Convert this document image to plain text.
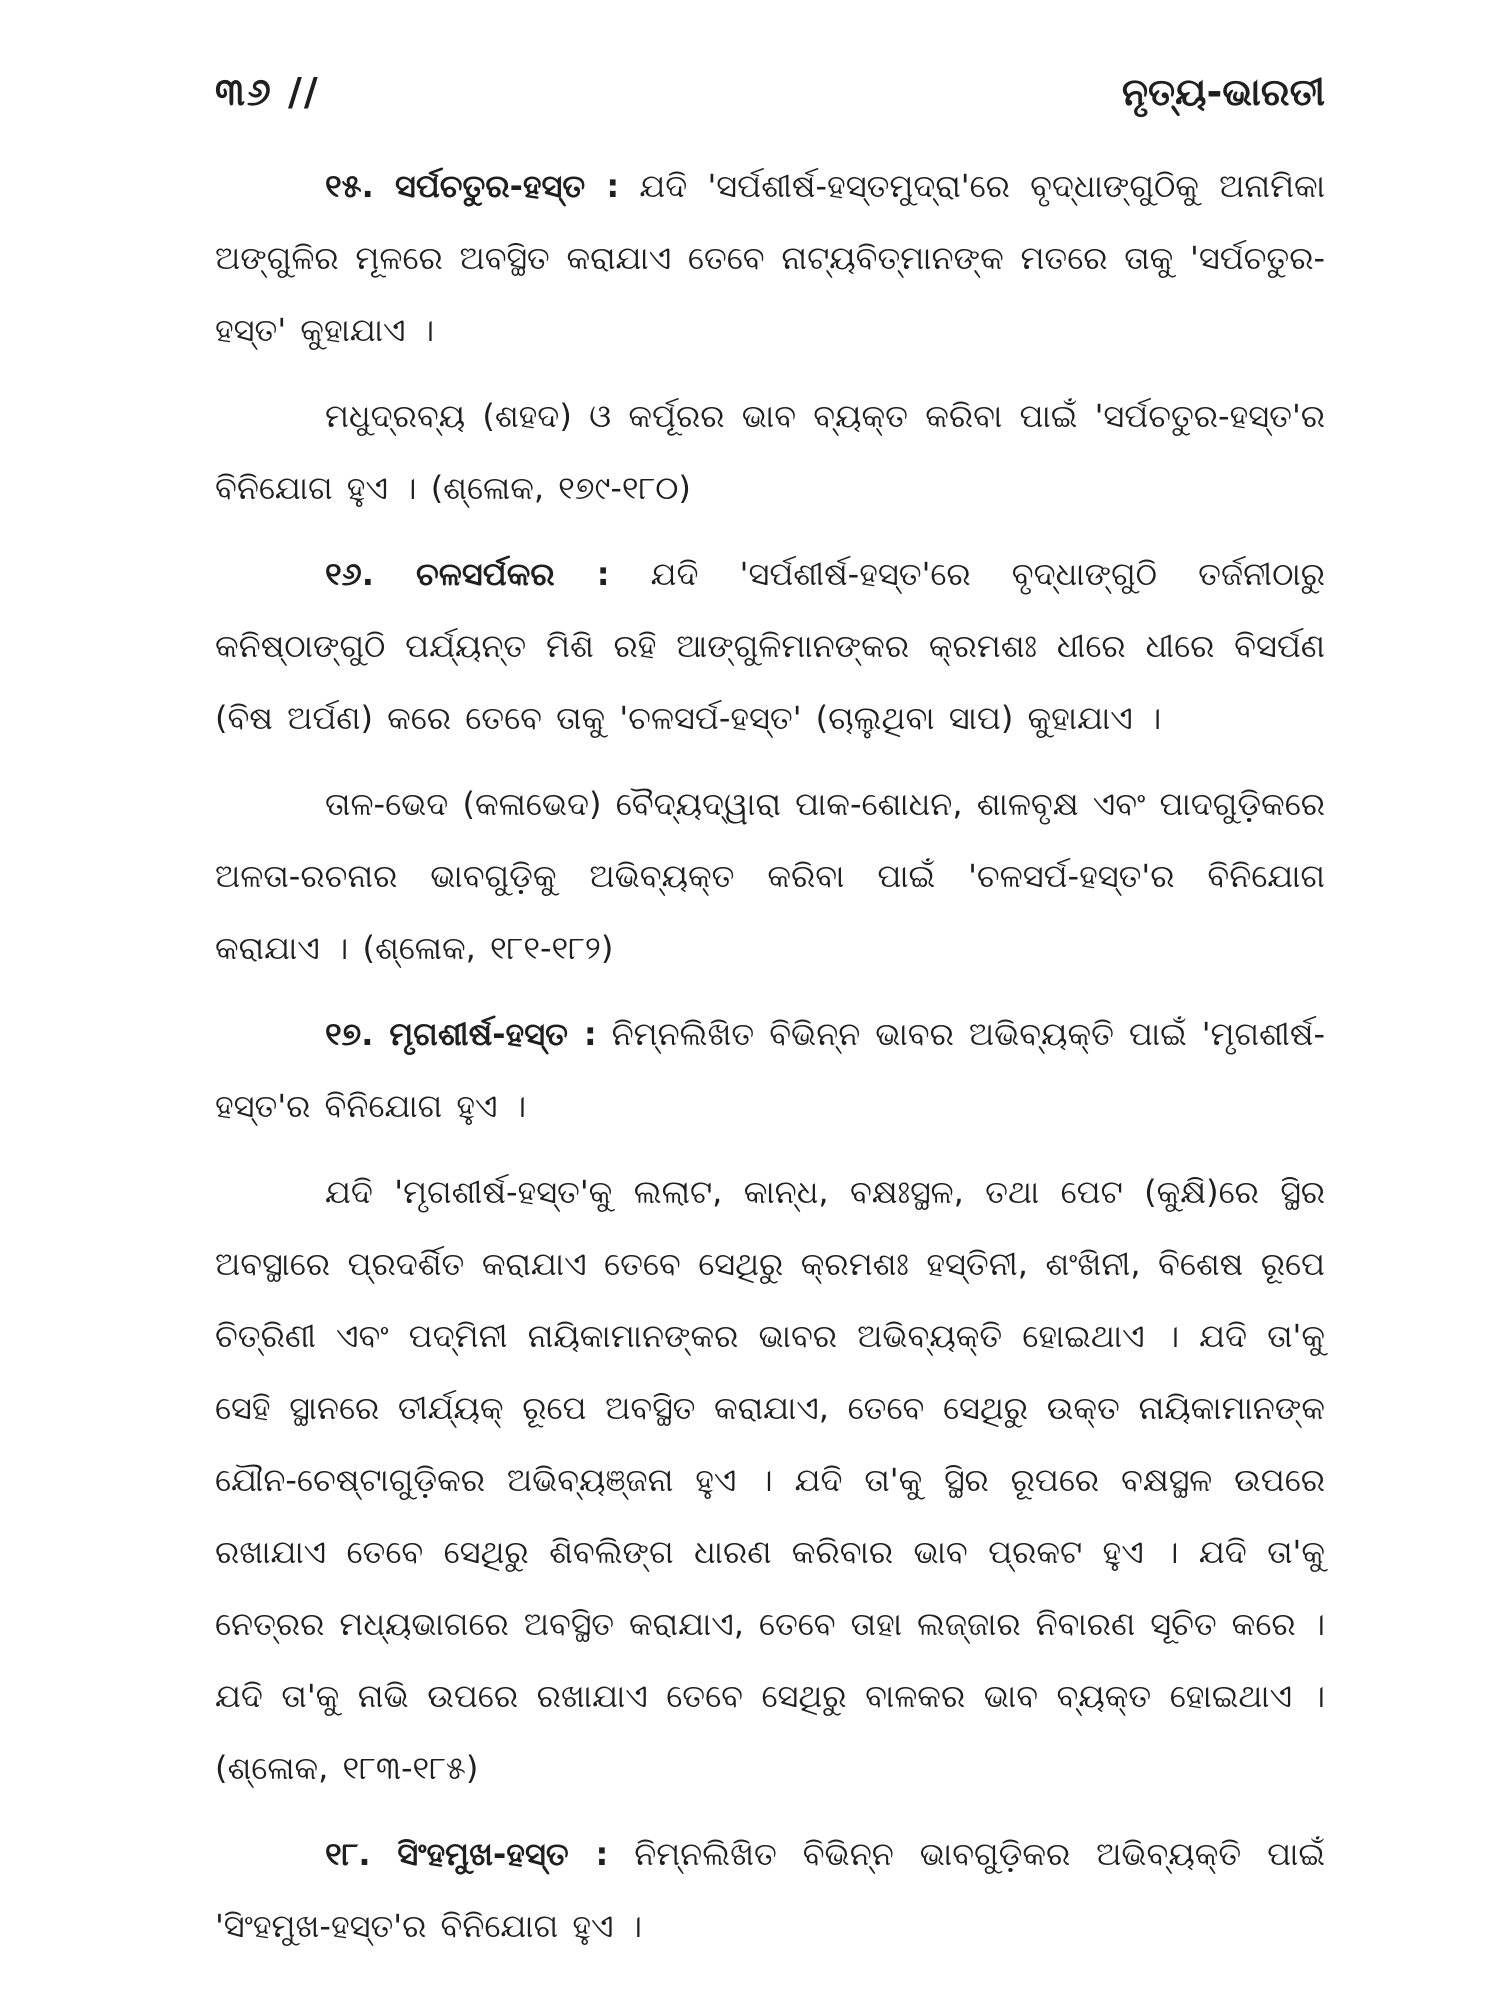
୩୬ //	ନୃତ୍ୟ-ଭାରତୀ

୧୫. ସର୍ପଚତୁର-ହସ୍ତ : ଯଦି 'ସର୍ପଶୀର୍ଷ-ହସ୍ତମୁଦ୍ରା'ରେ ବୃଦ୍ଧାଙ୍ଗୁଠିକୁ ଅନାମିକା ଅଙ୍ଗୁଳିର ମୂଳରେ ଅବସ୍ଥିତ କରାଯାଏ ତେବେ ନାଟ୍ୟବିତ୍‌ମାନଙ୍କ ମତରେ ତାକୁ 'ସର୍ପଚତୁର-ହସ୍ତ' କୁହାଯାଏ ।

ମଧୁଦ୍ରବ୍ୟ (ଶହଦ) ଓ କର୍ପୂରର ଭାବ ବ୍ୟକ୍ତ କରିବା ପାଇଁ 'ସର୍ପଚତୁର-ହସ୍ତ'ର ବିନିଯୋଗ ହୁଏ । (ଶ୍ଳୋକ, ୧୭୯-୧୮୦)

୧୬. ଚଳସର୍ପକର : ଯଦି 'ସର୍ପଶୀର୍ଷ-ହସ୍ତ'ରେ ବୃଦ୍ଧାଙ୍ଗୁଠି ତର୍ଜନୀଠାରୁ କନିଷ୍ଠାଙ୍ଗୁଠି ପର୍ଯ୍ୟନ୍ତ ମିଶି ରହି ଆଙ୍ଗୁଳିମାନଙ୍କର କ୍ରମଶଃ ଧୀରେ ଧୀରେ ବିସର୍ପଣ (ବିଷ ଅର୍ପଣ) କରେ ତେବେ ତାକୁ 'ଚଳସର୍ପ-ହସ୍ତ' (ଚାଲୁଥିବା ସାପ) କୁହାଯାଏ ।

ତାଳ-ଭେଦ (କଳାଭେଦ) ବୈଦ୍ୟଦ୍ୱାରା ପାକ-ଶୋଧନ, ଶାଳବୃକ୍ଷ ଏବଂ ପାଦଗୁଡ଼ିକରେ ଅଳତା-ରଚନାର ଭାବଗୁଡ଼ିକୁ ଅଭିବ୍ୟକ୍ତ କରିବା ପାଇଁ 'ଚଳସର୍ପ-ହସ୍ତ'ର ବିନିଯୋଗ କରାଯାଏ । (ଶ୍ଳୋକ, ୧୮୧-୧୮୨)

୧୭. ମୃଗଶୀର୍ଷ-ହସ୍ତ : ନିମ୍ନଲିଖିତ ବିଭିନ୍ନ ଭାବର ଅଭିବ୍ୟକ୍ତି ପାଇଁ 'ମୃଗଶୀର୍ଷ-ହସ୍ତ'ର ବିନିଯୋଗ ହୁଏ ।

ଯଦି 'ମୃଗଶୀର୍ଷ-ହସ୍ତ'କୁ ଲଲାଟ, କାନ୍ଧ, ବକ୍ଷଃସ୍ଥଳ, ତଥା ପେଟ (କୁକ୍ଷି)ରେ ସ୍ଥିର ଅବସ୍ଥାରେ ପ୍ରଦର୍ଶିତ କରାଯାଏ ତେବେ ସେଥିରୁ କ୍ରମଶଃ ହସ୍ତିନୀ, ଶଂଖିନୀ, ବିଶେଷ ରୂପେ ଚିତ୍ରିଣୀ ଏବଂ ପଦ୍ମିନୀ ନାୟିକାମାନଙ୍କର ଭାବର ଅଭିବ୍ୟକ୍ତି ହୋଇଥାଏ । ଯଦି ତା'କୁ ସେହି ସ୍ଥାନରେ ତୀର୍ଯ୍ୟକ୍ ରୂପେ ଅବସ୍ଥିତ କରାଯାଏ, ତେବେ ସେଥିରୁ ଉକ୍ତ ନାୟିକାମାନଙ୍କ ଯୌନ-ଚେଷ୍ଟାଗୁଡ଼ିକର ଅଭିବ୍ୟଞ୍ଜନା ହୁଏ । ଯଦି ତା'କୁ ସ୍ଥିର ରୂପରେ ବକ୍ଷସ୍ଥଳ ଉପରେ ରଖାଯାଏ ତେବେ ସେଥିରୁ ଶିବଲିଙ୍ଗ ଧାରଣ କରିବାର ଭାବ ପ୍ରକଟ ହୁଏ । ଯଦି ତା'କୁ ନେତ୍ରର ମଧ୍ୟଭାଗରେ ଅବସ୍ଥିତ କରାଯାଏ, ତେବେ ତାହା ଲଜ୍ଜାର ନିବାରଣ ସୂଚିତ କରେ । ଯଦି ତା'କୁ ନାଭି ଉପରେ ରଖାଯାଏ ତେବେ ସେଥିରୁ ବାଳକର ଭାବ ବ୍ୟକ୍ତ ହୋଇଥାଏ । (ଶ୍ଳୋକ, ୧୮୩-୧୮୫)

୧୮. ସିଂହମୁଖ-ହସ୍ତ : ନିମ୍ନଲିଖିତ ବିଭିନ୍ନ ଭାବଗୁଡ଼ିକର ଅଭିବ୍ୟକ୍ତି ପାଇଁ 'ସିଂହମୁଖ-ହସ୍ତ'ର ବିନିଯୋଗ ହୁଏ ।
